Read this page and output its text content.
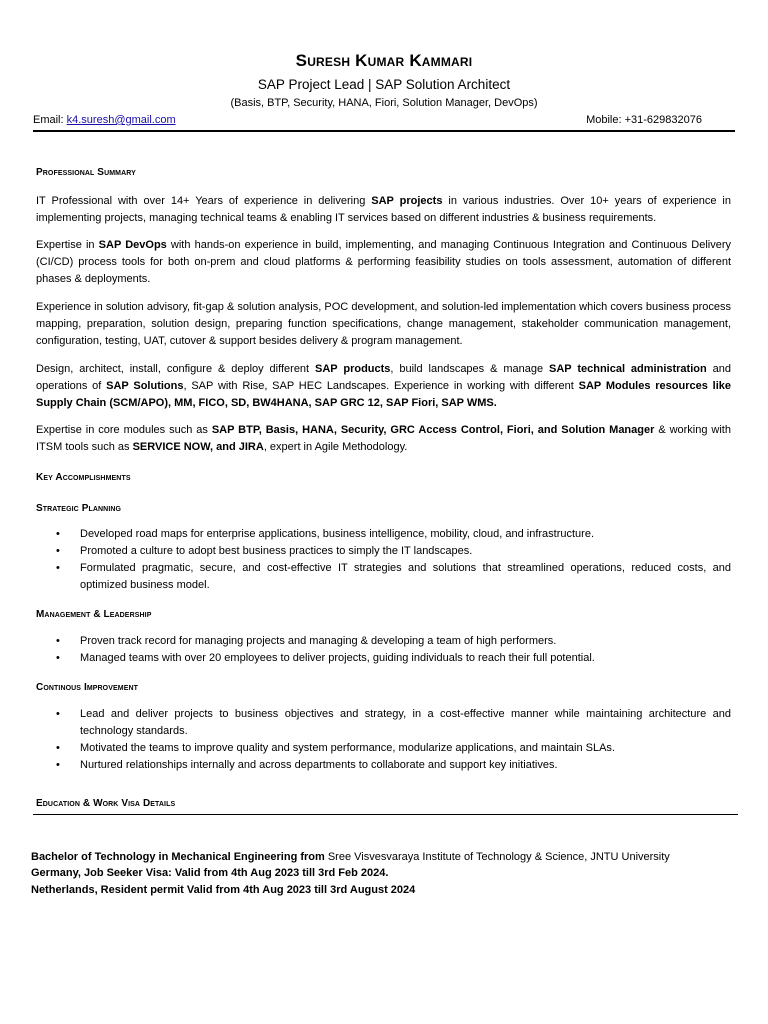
Suresh Kumar Kammari
SAP Project Lead | SAP Solution Architect
(Basis, BTP, Security, HANA, Fiori, Solution Manager, DevOps)
Email: k4.suresh@gmail.com	Mobile: +31-629832076
Professional Summary
IT Professional with over 14+ Years of experience in delivering SAP projects in various industries. Over 10+ years of experience in implementing projects, managing technical teams & enabling IT services based on different industries & business requirements.
Expertise in SAP DevOps with hands-on experience in build, implementing, and managing Continuous Integration and Continuous Delivery (CI/CD) process tools for both on-prem and cloud platforms & performing feasibility studies on tools assessment, automation of different phases & deployments.
Experience in solution advisory, fit-gap & solution analysis, POC development, and solution-led implementation which covers business process mapping, preparation, solution design, preparing function specifications, change management, stakeholder communication management, configuration, testing, UAT, cutover & support besides delivery & program management.
Design, architect, install, configure & deploy different SAP products, build landscapes & manage SAP technical administration and operations of SAP Solutions, SAP with Rise, SAP HEC Landscapes. Experience in working with different SAP Modules resources like Supply Chain (SCM/APO), MM, FICO, SD, BW4HANA, SAP GRC 12, SAP Fiori, SAP WMS.
Expertise in core modules such as SAP BTP, Basis, HANA, Security, GRC Access Control, Fiori, and Solution Manager & working with ITSM tools such as SERVICE NOW, and JIRA, expert in Agile Methodology.
Key Accomplishments
Strategic Planning
• Developed road maps for enterprise applications, business intelligence, mobility, cloud, and infrastructure.
• Promoted a culture to adopt best business practices to simply the IT landscapes.
• Formulated pragmatic, secure, and cost-effective IT strategies and solutions that streamlined operations, reduced costs, and optimized business model.
Management & Leadership
• Proven track record for managing projects and managing & developing a team of high performers.
• Managed teams with over 20 employees to deliver projects, guiding individuals to reach their full potential.
Continous Improvement
• Lead and deliver projects to business objectives and strategy, in a cost-effective manner while maintaining architecture and technology standards.
• Motivated the teams to improve quality and system performance, modularize applications, and maintain SLAs.
• Nurtured relationships internally and across departments to collaborate and support key initiatives.
Education & Work Visa Details
Bachelor of Technology in Mechanical Engineering from Sree Visvesvaraya Institute of Technology & Science, JNTU University
Germany, Job Seeker Visa: Valid from 4th Aug 2023 till 3rd Feb 2024.
Netherlands, Resident permit Valid from 4th Aug 2023 till 3rd August 2024
